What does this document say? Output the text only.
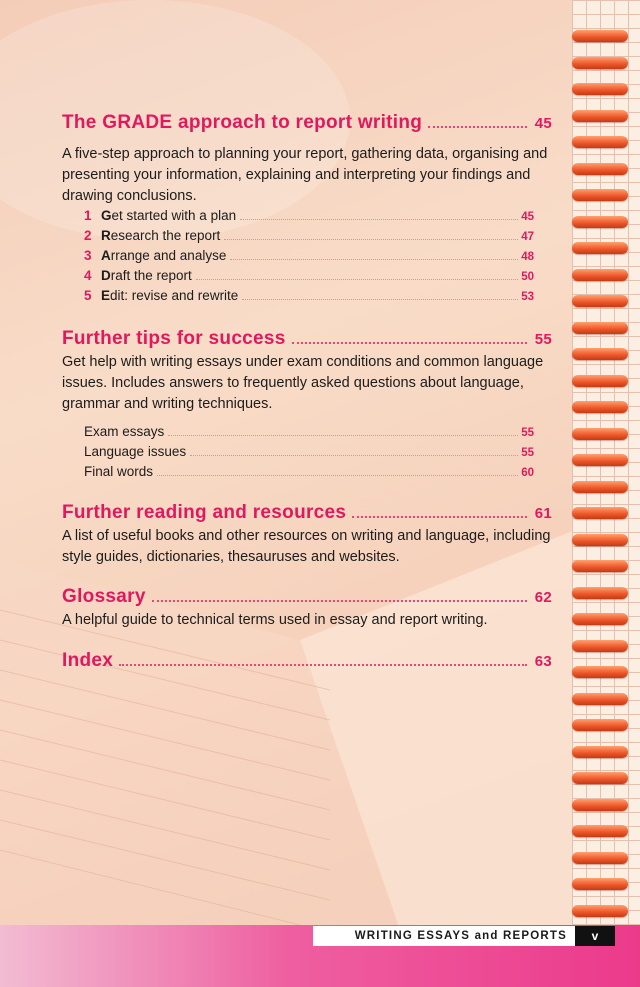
The GRADE approach to report writing	45
A five-step approach to planning your report, gathering data, organising and presenting your information, explaining and interpreting your findings and drawing conclusions.
1 G et started with a plan	45
2 R esearch the report	47
3 A rrange and analyse	48
4 D raft the report	50
5 E dit: revise and rewrite	53
Further tips for success	55
Get help with writing essays under exam conditions and common language issues. Includes answers to frequently asked questions about language, grammar and writing techniques.
Exam essays	55
Language issues	55
Final words	60
Further reading and resources	61
A list of useful books and other resources on writing and language, including style guides, dictionaries, thesauruses and websites.
Glossary	62
A helpful guide to technical terms used in essay and report writing.
Index	63
WRITING ESSAYS and REPORTS	v
